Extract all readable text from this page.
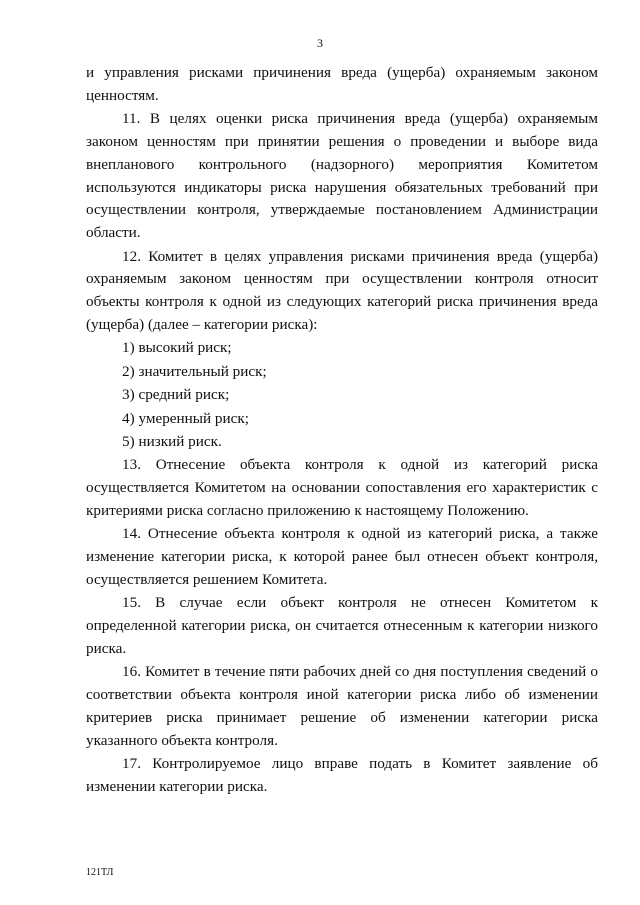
3

и управления рисками причинения вреда (ущерба) охраняемым законом ценностям.

11. В целях оценки риска причинения вреда (ущерба) охраняемым законом ценностям при принятии решения о проведении и выборе вида внепланового контрольного (надзорного) мероприятия Комитетом используются индикаторы риска нарушения обязательных требований при осуществлении контроля, утверждаемые постановлением Администрации области.

12. Комитет в целях управления рисками причинения вреда (ущерба) охраняемым законом ценностям при осуществлении контроля относит объекты контроля к одной из следующих категорий риска причинения вреда (ущерба) (далее – категории риска):

1) высокий риск;

2) значительный риск;

3) средний риск;

4) умеренный риск;

5) низкий риск.

13. Отнесение объекта контроля к одной из категорий риска осуществляется Комитетом на основании сопоставления его характеристик с критериями риска согласно приложению к настоящему Положению.

14. Отнесение объекта контроля к одной из категорий риска, а также изменение категории риска, к которой ранее был отнесен объект контроля, осуществляется решением Комитета.

15. В случае если объект контроля не отнесен Комитетом к определенной категории риска, он считается отнесенным к категории низкого риска.

16. Комитет в течение пяти рабочих дней со дня поступления сведений о соответствии объекта контроля иной категории риска либо об изменении критериев риска принимает решение об изменении категории риска указанного объекта контроля.

17. Контролируемое лицо вправе подать в Комитет заявление об изменении категории риска.

121ТЛ
